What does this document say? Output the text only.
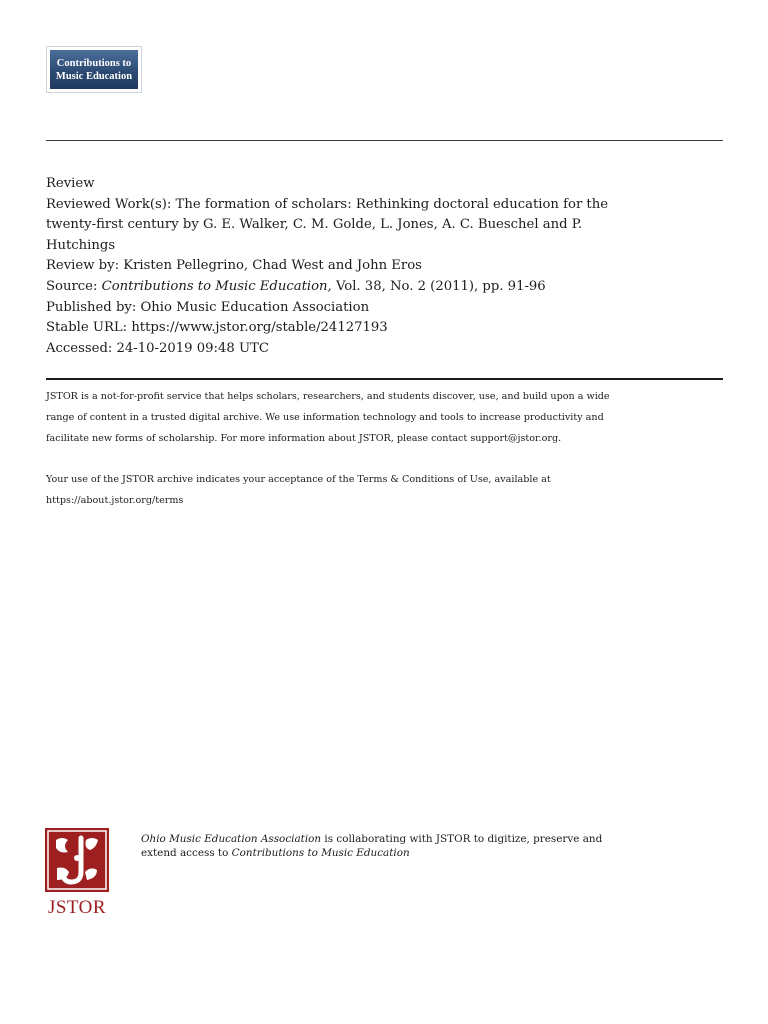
Contributions to
Music Education
Review
Reviewed Work(s): The formation of scholars: Rethinking doctoral education for the
twenty-first century by G. E. Walker, C. M. Golde, L. Jones, A. C. Bueschel and P.
Hutchings
Review by: Kristen Pellegrino, Chad West and John Eros
Source: Contributions to Music Education, Vol. 38, No. 2 (2011), pp. 91-96
Published by: Ohio Music Education Association
Stable URL: https://www.jstor.org/stable/24127193
Accessed: 24-10-2019 09:48 UTC

JSTOR is a not-for-profit service that helps scholars, researchers, and students discover, use, and build upon a wide
range of content in a trusted digital archive. We use information technology and tools to increase productivity and
facilitate new forms of scholarship. For more information about JSTOR, please contact support@jstor.org.

Your use of the JSTOR archive indicates your acceptance of the Terms & Conditions of Use, available at
https://about.jstor.org/terms

JSTOR
Ohio Music Education Association is collaborating with JSTOR to digitize, preserve and
extend access to Contributions to Music Education
